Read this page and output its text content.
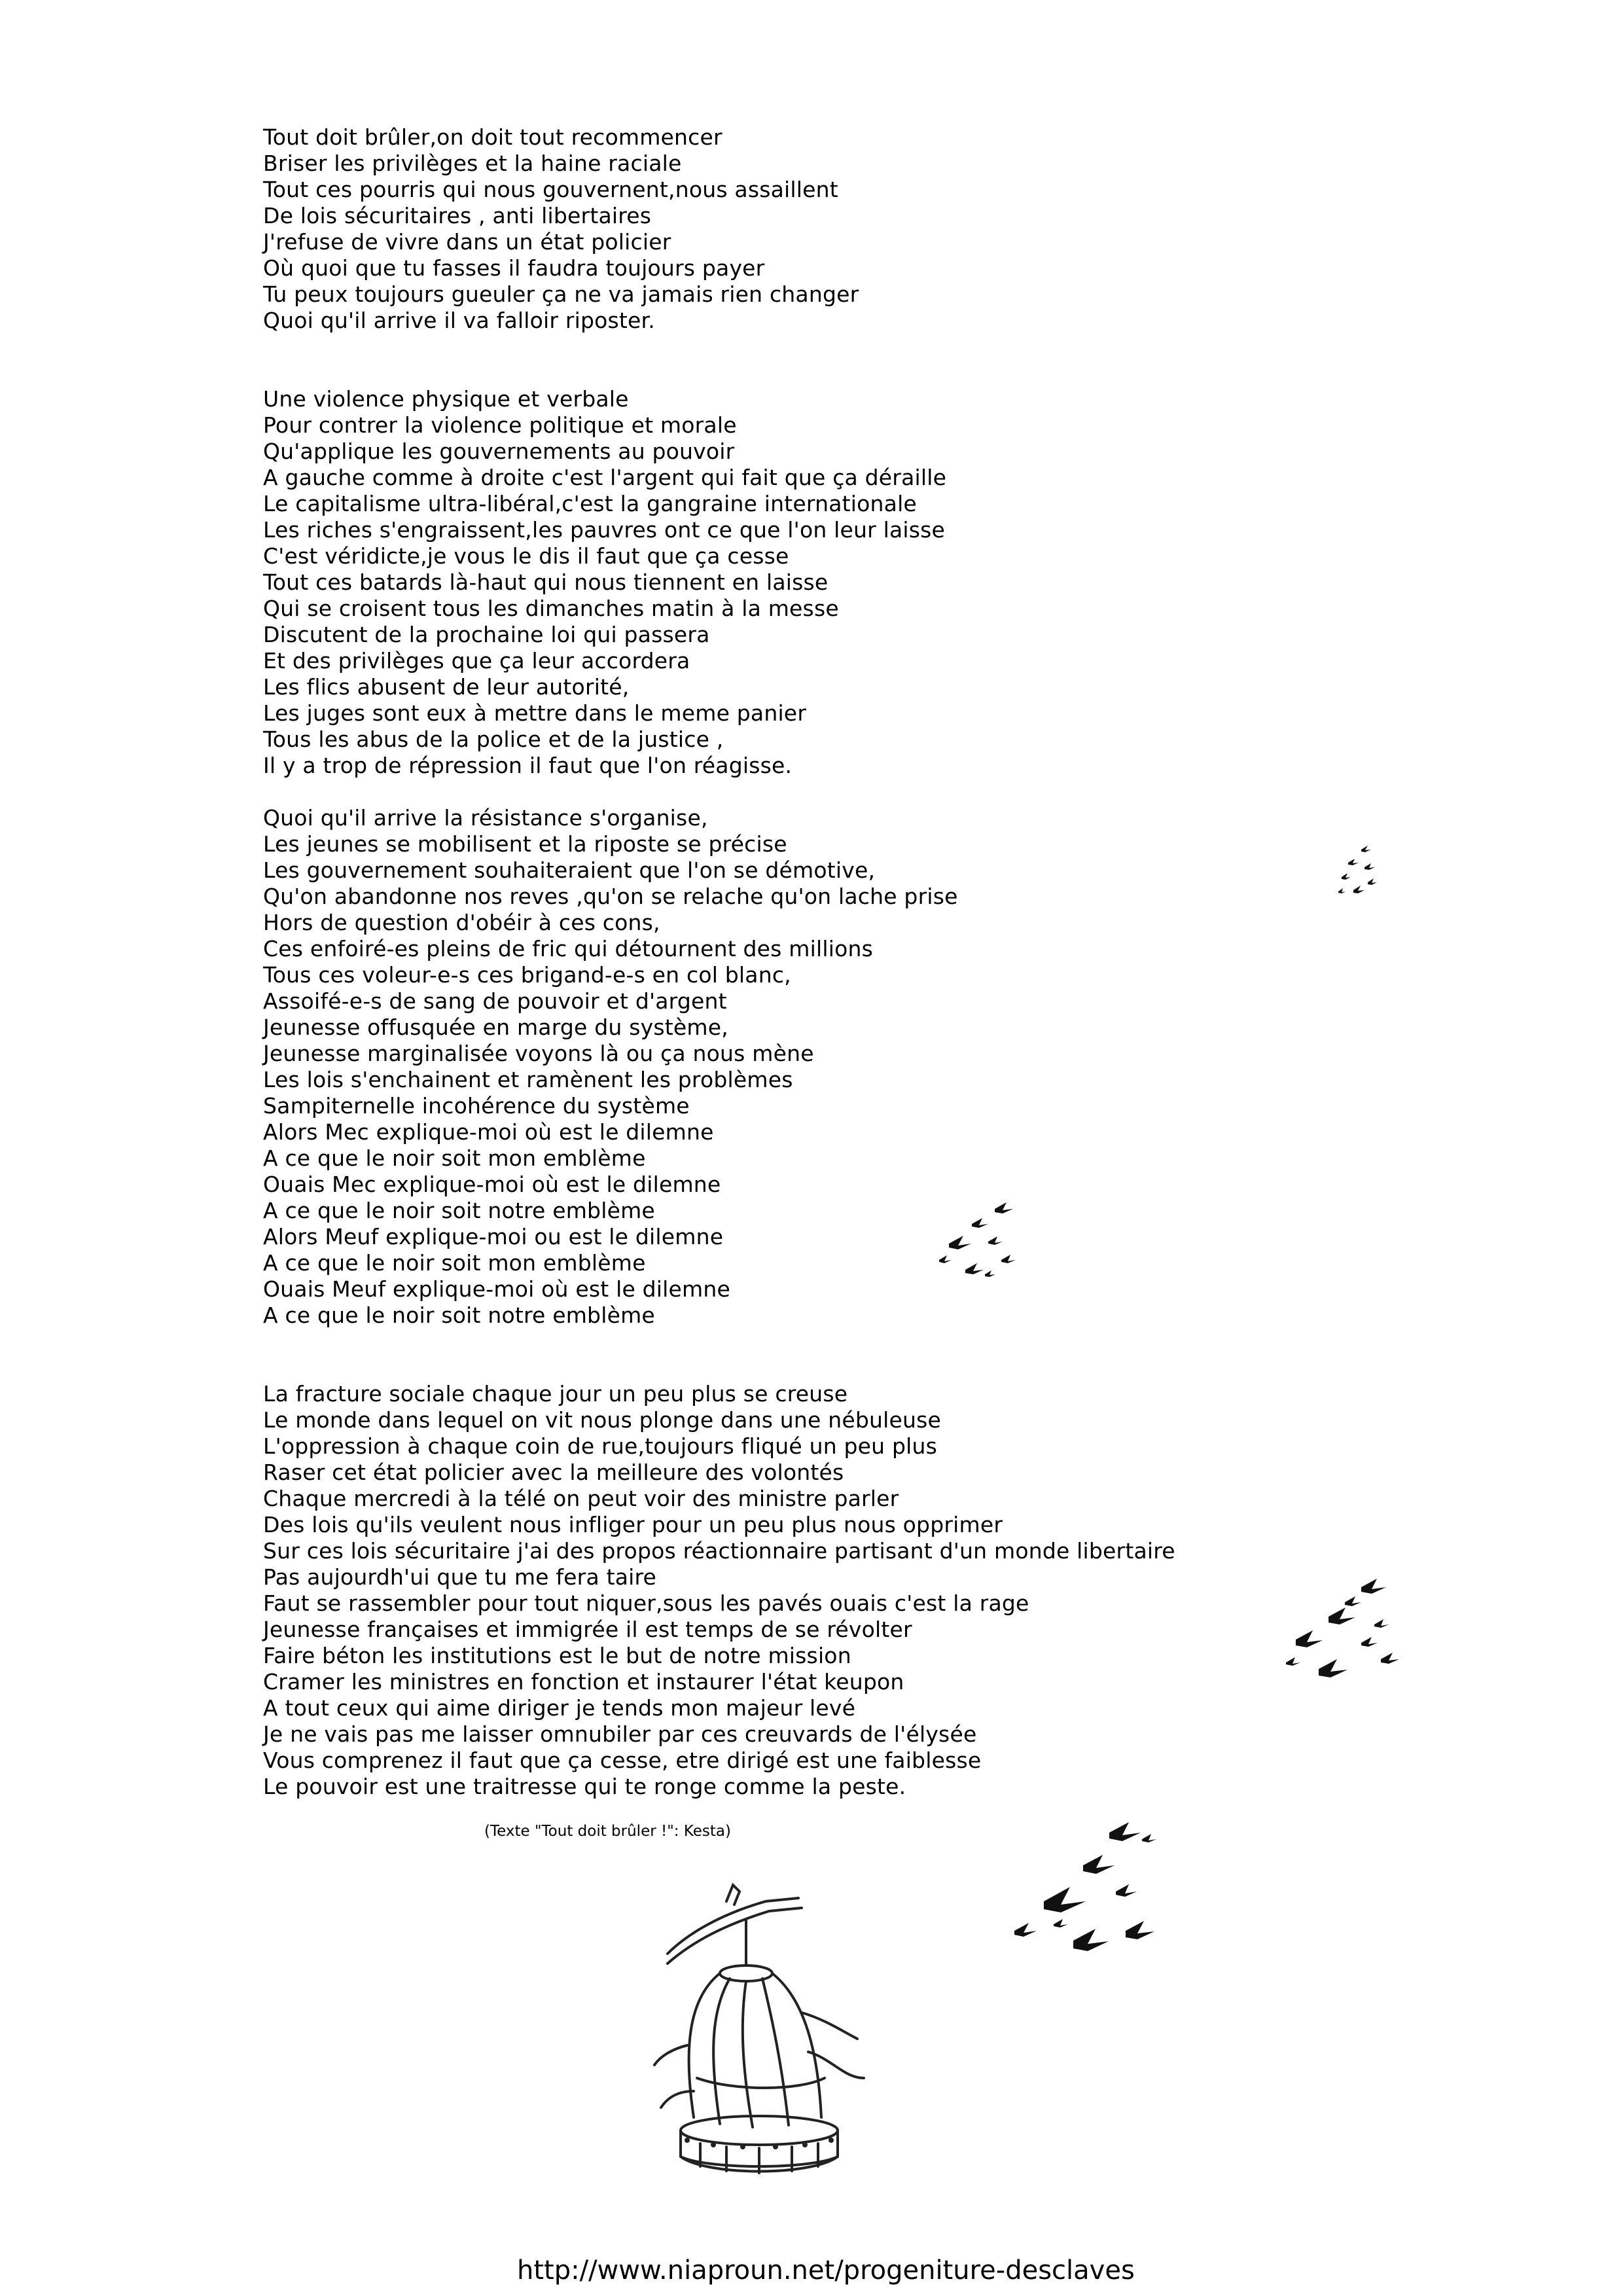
Tout doit brûler,on doit tout recommencer
Briser les privilèges et la haine raciale
Tout ces pourris qui nous gouvernent,nous assaillent
De lois sécuritaires , anti libertaires
J'refuse de vivre dans un état policier
Où quoi que tu fasses il faudra toujours payer
Tu peux toujours gueuler ça ne va jamais rien changer
Quoi qu'il arrive il va falloir riposter.
Une violence physique et verbale
Pour contrer la violence politique et morale
Qu'applique les gouvernements au pouvoir
A gauche comme à droite c'est l'argent qui fait que ça déraille
Le capitalisme ultra-libéral,c'est la gangraine internationale
Les riches s'engraissent,les pauvres ont ce que l'on leur laisse
C'est véridicte,je vous le dis il faut que ça cesse
Tout ces batards là-haut qui nous tiennent en laisse
Qui se croisent tous les dimanches matin à la messe
Discutent de la prochaine loi qui passera
Et des privilèges que ça leur accordera
Les flics abusent de leur autorité,
Les juges sont eux à mettre dans le meme panier
Tous les abus de la police et de la justice ,
Il y a trop de répression il faut que l'on réagisse.
Quoi qu'il arrive la résistance s'organise,
Les jeunes se mobilisent et la riposte se précise
Les gouvernement souhaiteraient que l'on se démotive,
Qu'on abandonne nos reves ,qu'on se relache qu'on lache prise
Hors de question d'obéir à ces cons,
Ces enfoiré-es pleins de fric qui détournent des millions
Tous ces voleur-e-s ces brigand-e-s en col blanc,
Assoifé-e-s de sang de pouvoir et d'argent
Jeunesse offusquée en marge du système,
Jeunesse marginalisée voyons là ou ça nous mène
Les lois s'enchainent et ramènent les problèmes
Sampiternelle incohérence du système
Alors Mec explique-moi où est le dilemne
A ce que le noir soit mon emblème
Ouais Mec explique-moi où est le dilemne
A ce que le noir soit notre emblème
Alors Meuf explique-moi ou est le dilemne
A ce que le noir soit mon emblème
Ouais Meuf explique-moi où est le dilemne
A ce que le noir soit notre emblème
La fracture sociale chaque jour un peu plus se creuse
Le monde dans lequel on vit nous plonge dans une nébuleuse
L'oppression à chaque coin de rue,toujours fliqué un peu plus
Raser cet état policier avec la meilleure des volontés
Chaque mercredi à la télé on peut voir des ministre parler
Des lois qu'ils veulent nous infliger pour un peu plus nous opprimer
Sur ces lois sécuritaire j'ai des propos réactionnaire partisant d'un monde libertaire
Pas aujourdh'ui que tu me fera taire
Faut se rassembler pour tout niquer,sous les pavés ouais c'est la rage
Jeunesse françaises et immigrée il est temps de se révolter
Faire béton les institutions est le but de notre mission
Cramer les ministres en fonction et instaurer l'état keupon
A tout ceux qui aime diriger je tends mon majeur levé
Je ne vais pas me laisser omnubiler par ces creuvards de l'élysée
Vous comprenez il faut que ça cesse, etre dirigé est une faiblesse
Le pouvoir est une traitresse qui te ronge comme la peste.
(Texte "Tout doit brûler !": Kesta)
http://www.niaproun.net/progeniture-desclaves
